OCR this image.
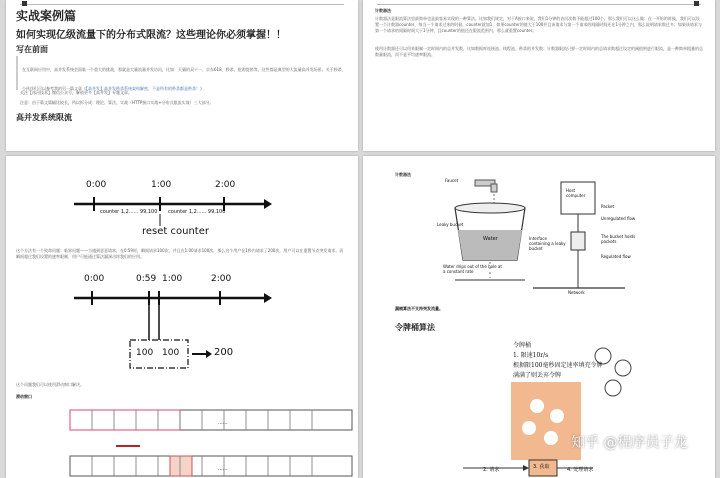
实战案例篇
如何实现亿级流量下的分布式限流？这些理论你必须掌握！！
写在前面
在互联网应用中，高并发系统会面临一个重大的挑战，那就是大量流量并发访问，比如：天猫的双十一、京东618、秒杀、抢购促销等，这些都是典型的大流量高并发场景。关于秒杀，小伙伴们可以参考我的另一篇文章《【高并发】高并发秒杀系统架构解密，不是所有的秒杀都是秒杀！》
关注【冰河技术】微信公众号，解锁更多【高并发】专题文章。
注意：由于篇文篇幅比较长，所以拆分成：理论、算法、实战（HTTP接口实战+分布式限流实战）三大部分。
高并发系统限流
计数器法
计数器法是限流算法里最简单也是最容易实现的一种算法。比如我们规定，对于A接口来说，我们1分钟的访问次数不能超过100个。那么我们可以这么做：在一开始的时候，我们可以设置一个计数器counter，每当一个请求过来的时候，counter就加1，如果counter的值大于100并且该请求与第一个请求的间隔时间还在1分钟之内，那么说明请求数过多；如果该请求与第一个请求的间隔时间大于1分钟，且counter的值还在限流范围内，那么就重置counter。
使用计数器还可以用来限制一定时间内的总并发数，比如数据库连接池、线程池、秒杀的并发数；计数器限流只要一定时间内的总请求数超过设定的阀值则进行限流，是一种简单粗暴的总数量限流，而不是平均速率限流。
0:00	1:00	2:00
counter 1,2...... 99,100 counter 1,2...... 99,100
reset counter
这个方法有一个致命问题：临界问题——当遇到恶意请求，在0:59时，瞬间请求100次，并且在1:00请求100次，那么这个用户在1秒内请求了200次，用户可以在重置节点突发请求，而瞬间超过我们设置的速率限制，用户可能通过算法漏洞击垮我们的应用。
0:00	0:59 1:00	2:00
100 100	200
这个问题我们可以使用滑动窗口解决。
滑动窗口
......
......
计数器法
Faucet
Leaky bucket
Water
Water drips out of the hole at a constant rate
Host computer
Packet
Unregulated flow
The bucket holds packets
Regulated flow
Interface containing a leaky bucket
Network
漏桶算法不支持突发流量。
令牌桶算法
令牌桶
1. 限速10r/s
根据限100毫秒固定速率填充令牌
满满了则丢弃令牌
2. 请求	3. 获取	4. 处理请求
知乎 @程序员子龙
